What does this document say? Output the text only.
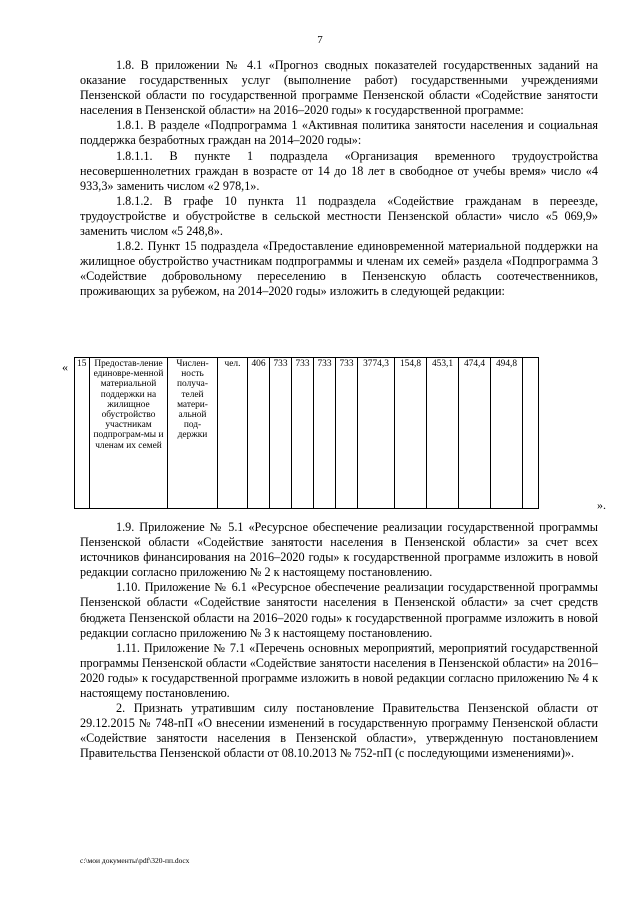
7

1.8. В приложении № 4.1 «Прогноз сводных показателей государственных заданий на оказание государственных услуг (выполнение работ) государственными учреждениями Пензенской области по государственной программе Пензенской области «Содействие занятости населения в Пензенской области» на 2016–2020 годы» к государственной программе:

1.8.1. В разделе «Подпрограмма 1 «Активная политика занятости населения и социальная поддержка безработных граждан на 2014–2020 годы»:

1.8.1.1. В пункте 1 подраздела «Организация временного трудоустройства несовершеннолетних граждан в возрасте от 14 до 18 лет в свободное от учебы время» число «4 933,3» заменить числом «2 978,1».

1.8.1.2. В графе 10 пункта 11 подраздела «Содействие гражданам в переезде, трудоустройстве и обустройстве в сельской местности Пензенской области» число «5 069,9» заменить числом «5 248,8».

1.8.2. Пункт 15 подраздела «Предоставление единовременной материальной поддержки на жилищное обустройство участникам подпрограммы и членам их семей» раздела «Подпрограмма 3 «Содействие добровольному переселению в Пензенскую область соотечественников, проживающих за рубежом, на 2014–2020 годы» изложить в следующей редакции:

« 15	Предостав-ление единовре-менной материальной поддержки на жилищное обустройство участникам подпрограм-мы и членам их семей	Числен-ность получа-телей матери-альной под-держки	чел.	406	733	733	733	733	3774,3	154,8	453,1	474,4	494,8	
».

1.9. Приложение № 5.1 «Ресурсное обеспечение реализации государственной программы Пензенской области «Содействие занятости населения в Пензенской области» за счет всех источников финансирования на 2016–2020 годы» к государственной программе изложить в новой редакции согласно приложению № 2 к настоящему постановлению.

1.10. Приложение № 6.1 «Ресурсное обеспечение реализации государственной программы Пензенской области «Содействие занятости населения в Пензенской области» за счет средств бюджета Пензенской области на 2016–2020 годы» к государственной программе изложить в новой редакции согласно приложению № 3 к настоящему постановлению.

1.11. Приложение № 7.1 «Перечень основных мероприятий, мероприятий государственной программы Пензенской области «Содействие занятости населения в Пензенской области» на 2016–2020 годы» к государственной программе изложить в новой редакции согласно приложению № 4 к настоящему постановлению.

2. Признать утратившим силу постановление Правительства Пензенской области от 29.12.2015 № 748-пП «О внесении изменений в государственную программу Пензенской области «Содействие занятости населения в Пензенской области», утвержденную постановлением Правительства Пензенской области от 08.10.2013 № 752-пП (с последующими изменениями)».

c:\мои документы\pdf\320-пп.docx
